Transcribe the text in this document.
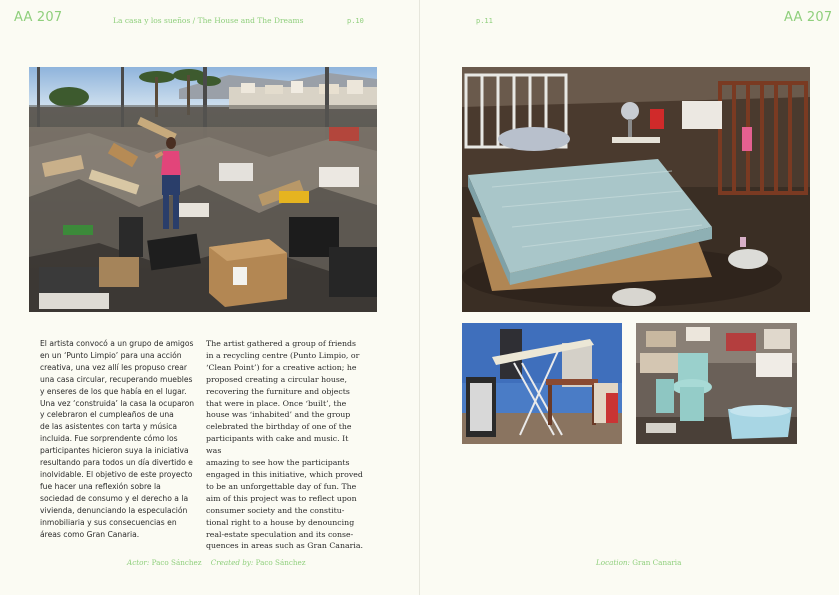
AA 207	La casa y los sueños / The House and The Dreams	p.10
El artista convocó a un grupo de amigos
en un ‘Punto Limpio’ para una acción
creativa, una vez allí les propuso crear
una casa circular, recuperando muebles
y enseres de los que había en el lugar.
Una vez ‘construida’ la casa la ocuparon
y celebraron el cumpleaños de una
de las asistentes con tarta y música
incluida. Fue sorprendente cómo los
participantes hicieron suya la iniciativa
resultando para todos un día divertido e
inolvidable. El objetivo de este proyecto
fue hacer una reflexión sobre la
sociedad de consumo y el derecho a la
vivienda, denunciando la especulación
inmobiliaria y sus consecuencias en
áreas como Gran Canaria.
The artist gathered a group of friends
in a recycling centre (Punto Limpio, or
‘Clean Point’) for a creative action; he
proposed creating a circular house,
recovering the furniture and objects
that were in place. Once ‘built’, the
house was ‘inhabited’ and the group
celebrated the birthday of one of the
participants with cake and music. It was
amazing to see how the participants
engaged in this initiative, which proved
to be an unforgettable day of fun. The
aim of this project was to reflect upon
consumer society and the constitu-
tional right to a house by denouncing
real-estate speculation and its conse-
quences in areas such as Gran Canaria.
Actor: Paco Sánchez Created by: Paco Sánchez
p.11	AA 207
Location: Gran Canaria
